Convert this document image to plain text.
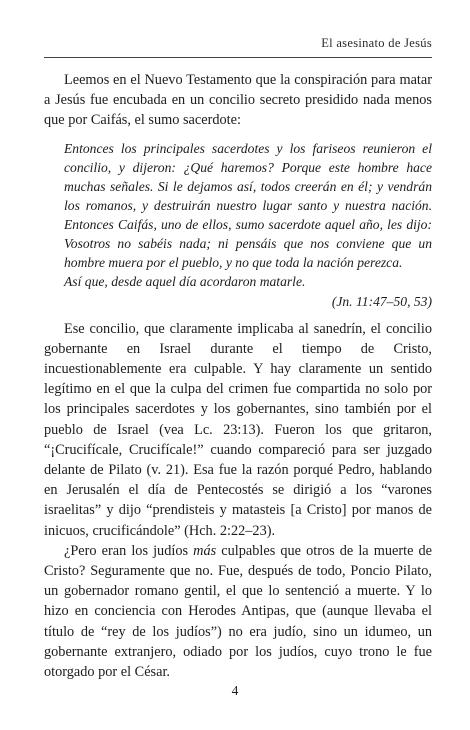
El asesinato de Jesús

Leemos en el Nuevo Testamento que la conspiración para matar a Jesús fue encubada en un concilio secreto presidido nada menos que por Caifás, el sumo sacerdote:

Entonces los principales sacerdotes y los fariseos reunieron el concilio, y dijeron: ¿Qué haremos? Porque este hombre hace muchas señales. Si le dejamos así, todos creerán en él; y vendrán los romanos, y destruirán nuestro lugar santo y nuestra nación. Entonces Caifás, uno de ellos, sumo sacerdote aquel año, les dijo: Vosotros no sabéis nada; ni pensáis que nos conviene que un hombre muera por el pueblo, y no que toda la nación perezca.
Así que, desde aquel día acordaron matarle.
(Jn. 11:47–50, 53)

Ese concilio, que claramente implicaba al sanedrín, el concilio gobernante en Israel durante el tiempo de Cristo, incuestionablemente era culpable. Y hay claramente un sentido legítimo en el que la culpa del crimen fue compartida no solo por los principales sacerdotes y los gobernantes, sino también por el pueblo de Israel (vea Lc. 23:13). Fueron los que gritaron, “¡Crucifícale, Crucifícale!” cuando compareció para ser juzgado delante de Pilato (v. 21). Esa fue la razón porqué Pedro, hablando en Jerusalén el día de Pentecostés se dirigió a los “varones israelitas” y dijo “prendisteis y matasteis [a Cristo] por manos de inicuos, crucificándole” (Hch. 2:22–23).

¿Pero eran los judíos más culpables que otros de la muerte de Cristo? Seguramente que no. Fue, después de todo, Poncio Pilato, un gobernador romano gentil, el que lo sentenció a muerte. Y lo hizo en conciencia con Herodes Antipas, que (aunque llevaba el título de “rey de los judíos”) no era judío, sino un idumeo, un gobernante extranjero, odiado por los judíos, cuyo trono le fue otorgado por el César.

4
